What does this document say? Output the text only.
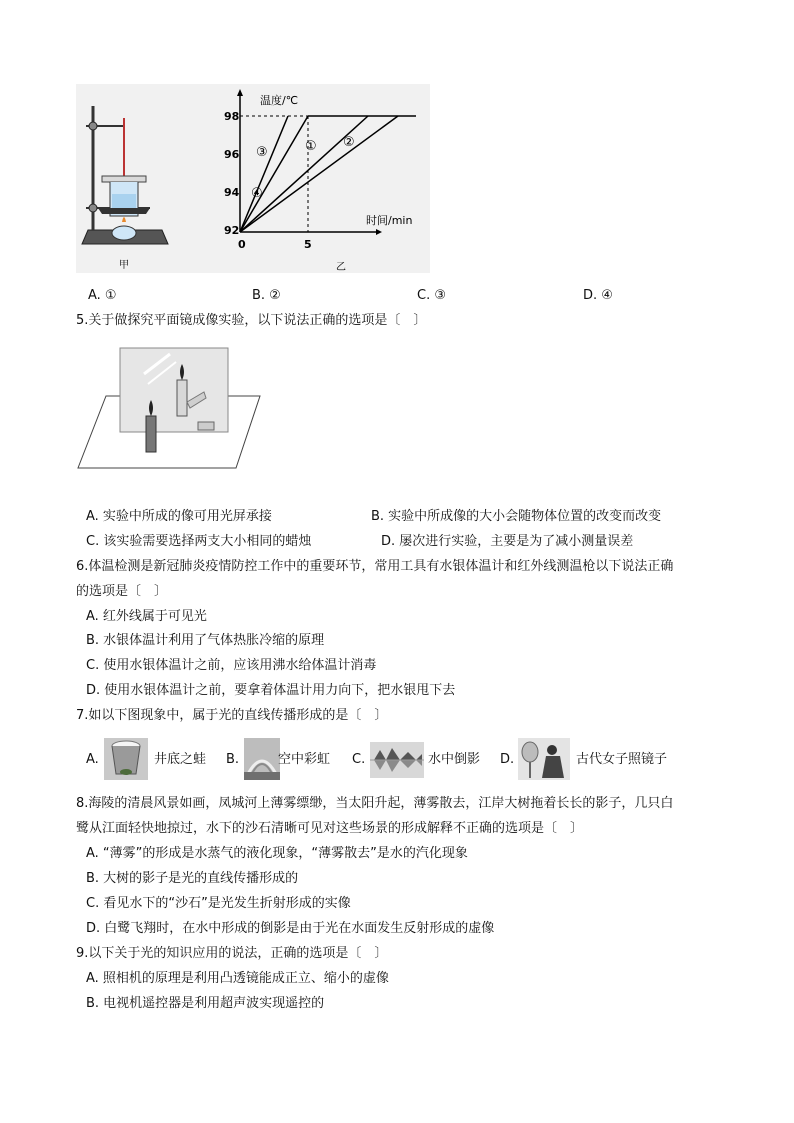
甲
温度/℃
时间/min
98
96
94
92
0	5
③	① ②
④
乙
A. ①	B. ②	C. ③	D. ④
5.关于做探究平面镜成像实验，以下说法正确的选项是〔　〕
A. 实验中所成的像可用光屏承接	B. 实验中所成像的大小会随物体位置的改变而改变
C. 该实验需要选择两支大小相同的蜡烛	D. 屡次进行实验，主要是为了减小测量误差
6.体温检测是新冠肺炎疫情防控工作中的重要环节，常用工具有水银体温计和红外线测温枪以下说法正确
的选项是〔　〕
A. 红外线属于可见光
B. 水银体温计利用了气体热胀冷缩的原理
C. 使用水银体温计之前，应该用沸水给体温计消毒
D. 使用水银体温计之前，要拿着体温计用力向下，把水银甩下去
7.如以下图现象中，属于光的直线传播形成的是〔　〕
A.	井底之蛙 B.	空中彩虹 C.	水中倒影 D.	古代女子照镜子
8.海陵的清晨风景如画，凤城河上薄雾缥缈，当太阳升起，薄雾散去，江岸大树拖着长长的影子，几只白
鹭从江面轻快地掠过，水下的沙石清晰可见对这些场景的形成解释不正确的选项是〔　〕
A. “薄雾”的形成是水蒸气的液化现象，“薄雾散去”是水的汽化现象
B. 大树的影子是光的直线传播形成的
C. 看见水下的“沙石”是光发生折射形成的实像
D. 白鹭飞翔时，在水中形成的倒影是由于光在水面发生反射形成的虚像
9.以下关于光的知识应用的说法，正确的选项是〔　〕
A. 照相机的原理是利用凸透镜能成正立、缩小的虚像
B. 电视机遥控器是利用超声波实现遥控的
